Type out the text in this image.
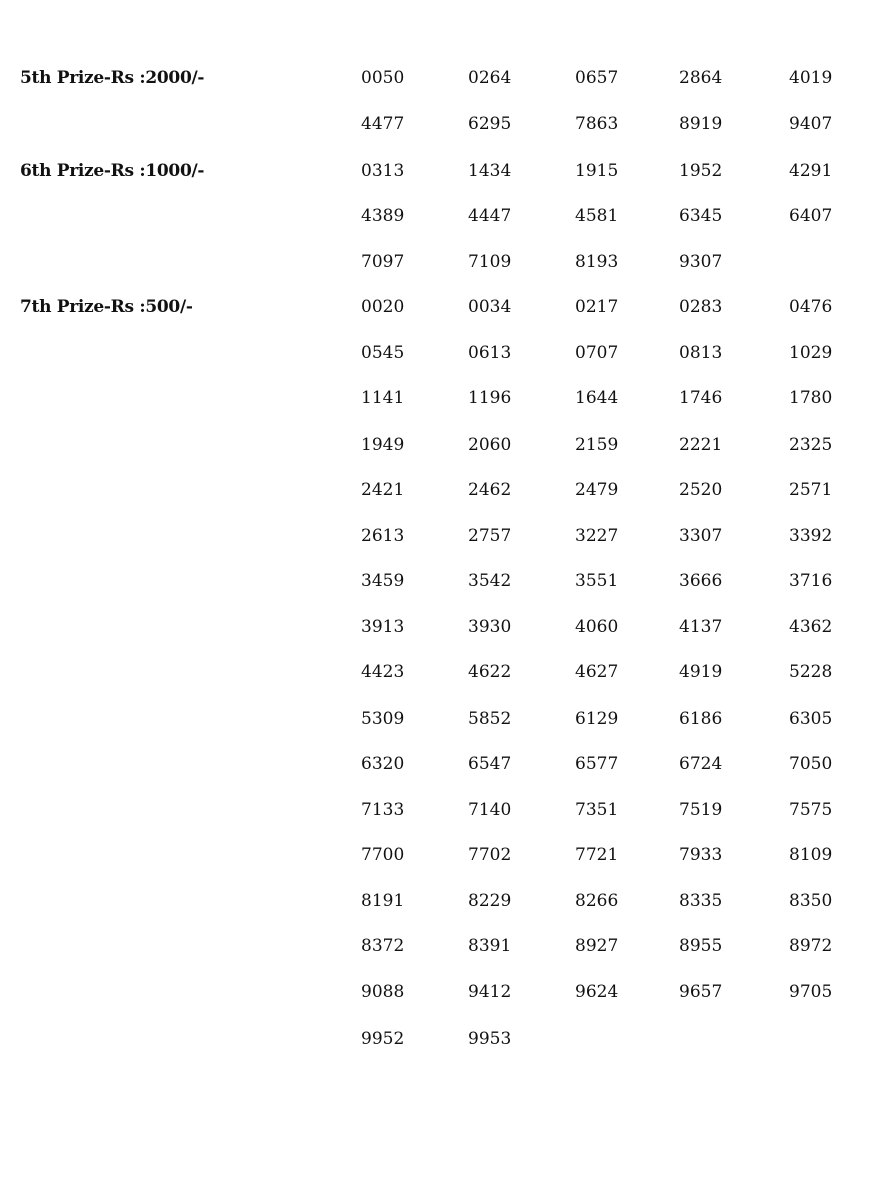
5th Prize-Rs :2000/-	0050	0264	0657	2864	4019
4477	6295	7863	8919	9407
6th Prize-Rs :1000/-	0313	1434	1915	1952	4291
4389	4447	4581	6345	6407
7097	7109	8193	9307
7th Prize-Rs :500/-	0020	0034	0217	0283	0476
0545	0613	0707	0813	1029
1141	1196	1644	1746	1780
1949	2060	2159	2221	2325
2421	2462	2479	2520	2571
2613	2757	3227	3307	3392
3459	3542	3551	3666	3716
3913	3930	4060	4137	4362
4423	4622	4627	4919	5228
5309	5852	6129	6186	6305
6320	6547	6577	6724	7050
7133	7140	7351	7519	7575
7700	7702	7721	7933	8109
8191	8229	8266	8335	8350
8372	8391	8927	8955	8972
9088	9412	9624	9657	9705
9952	9953
